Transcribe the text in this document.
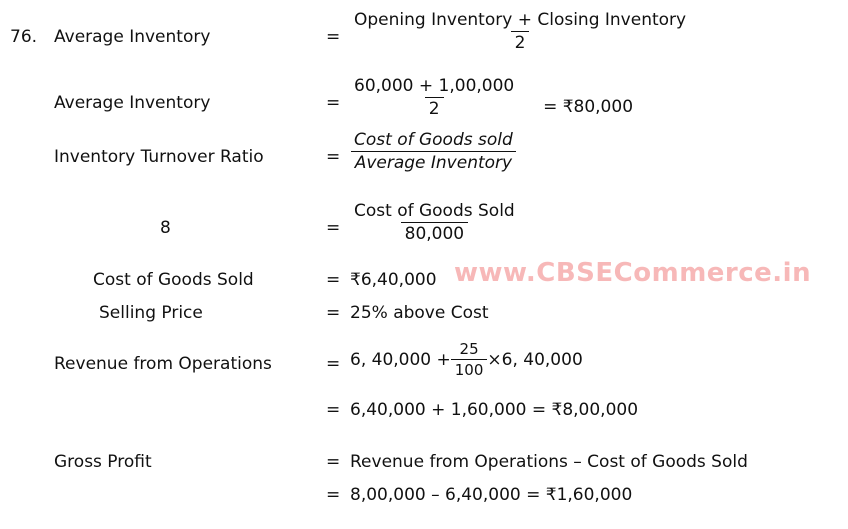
76. Average Inventory	= $\frac{\text{Opening Inventory + Closing Inventory}}{2}$
Average Inventory	= $\frac{60,000 + 1,00,000}{2}$ = ₹80,000
Inventory Turnover Ratio	= $\frac{\text{Cost of Goods sold}}{\text{Average Inventory}}$
8	= $\frac{\text{Cost of Goods Sold}}{80,000}$
www.CBSECommerce.in
Cost of Goods Sold	= ₹6,40,000
Selling Price	= 25% above Cost
Revenue from Operations	= 6, $40,000 + \frac{25}{100} \times 6$, 40,000
= 6,40,000 + 1,60,000 = ₹8,00,000
Gross Profit	= Revenue from Operations – Cost of Goods Sold
= 8,00,000 – 6,40,000 = ₹1,60,000
